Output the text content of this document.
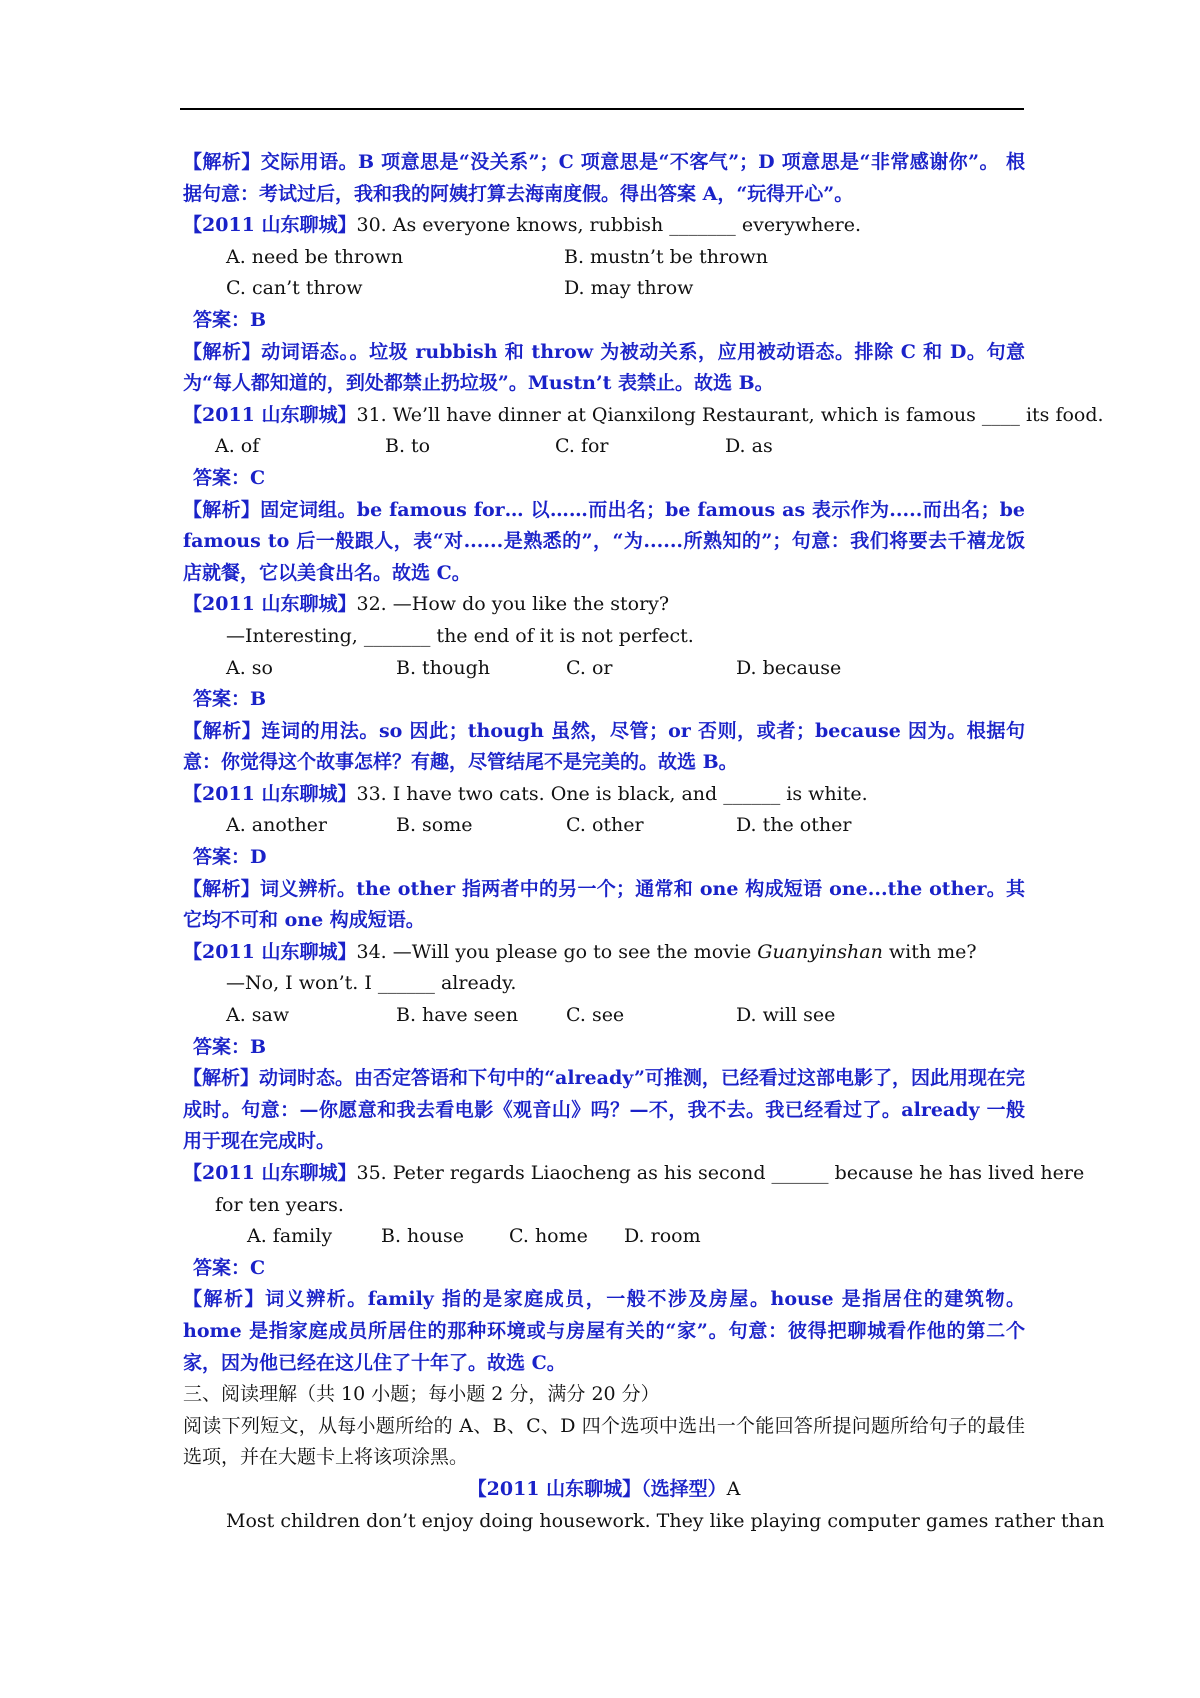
【解析】交际用语。B 项意思是“没关系”；C 项意思是“不客气”；D 项意思是“非常感谢你”。 根据句意：考试过后，我和我的阿姨打算去海南度假。得出答案 A，“玩得开心”。
【2011 山东聊城】30. As everyone knows, rubbish _______ everywhere.
A. need be thrown	B. mustn’t be thrown
C. can’t throw	D. may throw
答案：B
【解析】动词语态。。垃圾 rubbish 和 throw 为被动关系，应用被动语态。排除 C 和 D。句意为“每人都知道的，到处都禁止扔垃圾”。Mustn’t 表禁止。故选 B。
【2011 山东聊城】31. We’ll have dinner at Qianxilong Restaurant, which is famous ____ its food.
A. of	B. to	C. for	D. as
答案：C
【解析】固定词组。be famous for… 以……而出名；be famous as 表示作为.....而出名；be famous to 后一般跟人，表“对......是熟悉的”，“为......所熟知的”；句意：我们将要去千禧龙饭店就餐，它以美食出名。故选 C。
【2011 山东聊城】32. —How do you like the story?
—Interesting, _______ the end of it is not perfect.
A. so	B. though	C. or	D. because
答案：B
【解析】连词的用法。so 因此；though 虽然，尽管；or 否则，或者；because 因为。根据句意：你觉得这个故事怎样？有趣，尽管结尾不是完美的。故选 B。
【2011 山东聊城】33. I have two cats. One is black, and ______ is white.
A. another	B. some	C. other	D. the other
答案：D
【解析】词义辨析。the other 指两者中的另一个；通常和 one 构成短语 one...the other。其它均不可和 one 构成短语。
【2011 山东聊城】34. —Will you please go to see the movie Guanyinshan with me?
—No, I won’t. I ______ already.
A. saw	B. have seen	C. see	D. will see
答案：B
【解析】动词时态。由否定答语和下句中的“already”可推测，已经看过这部电影了，因此用现在完成时。句意：—你愿意和我去看电影《观音山》吗？—不，我不去。我已经看过了。already 一般用于现在完成时。
【2011 山东聊城】35. Peter regards Liaocheng as his second ______ because he has lived here
for ten years.
A. family	B. house C. home D. room
答案：C
【解析】词义辨析。family 指的是家庭成员，一般不涉及房屋。house 是指居住的建筑物。home 是指家庭成员所居住的那种环境或与房屋有关的“家”。句意：彼得把聊城看作他的第二个家，因为他已经在这儿住了十年了。故选 C。
三、阅读理解（共 10 小题；每小题 2 分，满分 20 分）
阅读下列短文，从每小题所给的 A、B、C、D 四个选项中选出一个能回答所提问题所给句子的最佳选项，并在大题卡上将该项涂黑。
【2011 山东聊城】（选择型）A
Most children don’t enjoy doing housework. They like playing computer games rather than
